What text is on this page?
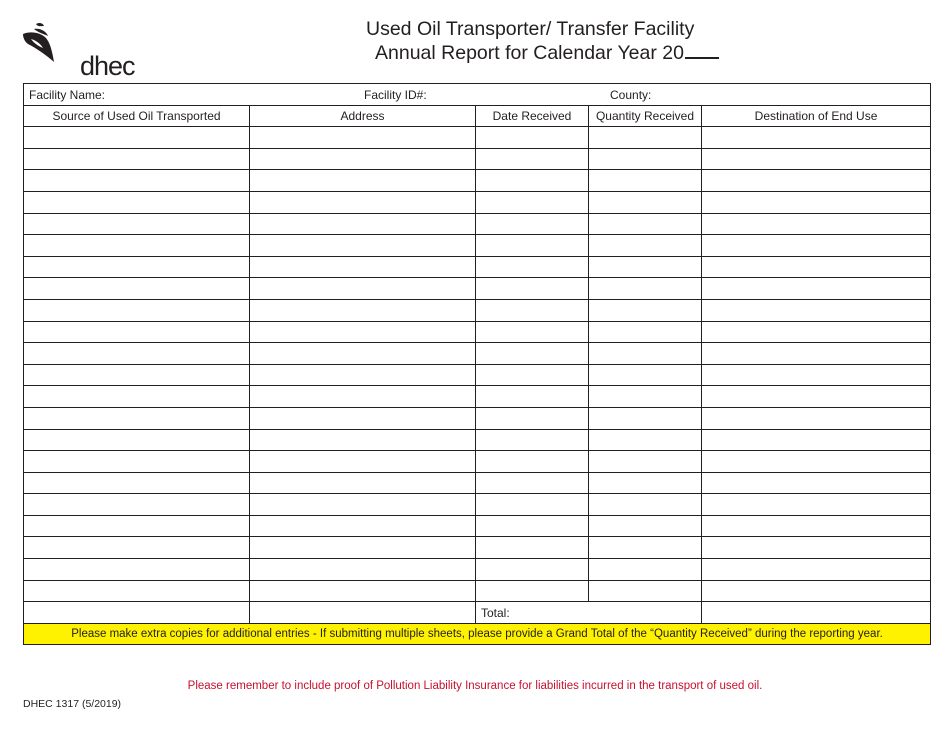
dhec
Used Oil Transporter/ Transfer Facility
Annual Report for Calendar Year 20
Facility Name: Facility ID#: County:				

Source of Used Oil Transported	Address	Date Received	Quantity Received	Destination of End Use

		Total:		
Please make extra copies for additional entries - If submitting multiple sheets, please provide a Grand Total of the “Quantity Received” during the reporting year.				
Please remember to include proof of Pollution Liability Insurance for liabilities incurred in the transport of used oil.
DHEC 1317 (5/2019)
